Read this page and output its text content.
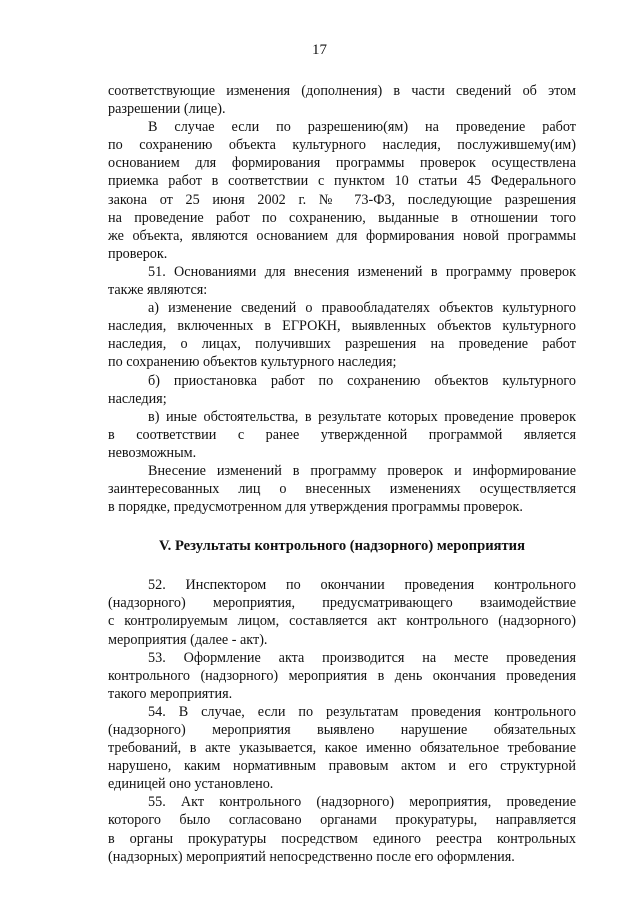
17
соответствующие изменения (дополнения) в части сведений об этом
разрешении (лице).
В случае если по разрешению(ям) на проведение работ
по сохранению объекта культурного наследия, послужившему(им)
основанием для формирования программы проверок осуществлена
приемка работ в соответствии с пунктом 10 статьи 45 Федерального
закона от 25 июня 2002 г. № 73-ФЗ, последующие разрешения
на проведение работ по сохранению, выданные в отношении того
же объекта, являются основанием для формирования новой программы
проверок.
51. Основаниями для внесения изменений в программу проверок
также являются:
а) изменение сведений о правообладателях объектов культурного
наследия, включенных в ЕГРОКН, выявленных объектов культурного
наследия, о лицах, получивших разрешения на проведение работ
по сохранению объектов культурного наследия;
б) приостановка работ по сохранению объектов культурного
наследия;
в) иные обстоятельства, в результате которых проведение проверок
в соответствии с ранее утвержденной программой является
невозможным.
Внесение изменений в программу проверок и информирование
заинтересованных лиц о внесенных изменениях осуществляется
в порядке, предусмотренном для утверждения программы проверок.
V. Результаты контрольного (надзорного) мероприятия
52. Инспектором по окончании проведения контрольного
(надзорного) мероприятия, предусматривающего взаимодействие
с контролируемым лицом, составляется акт контрольного (надзорного)
мероприятия (далее - акт).
53. Оформление акта производится на месте проведения
контрольного (надзорного) мероприятия в день окончания проведения
такого мероприятия.
54. В случае, если по результатам проведения контрольного
(надзорного) мероприятия выявлено нарушение обязательных
требований, в акте указывается, какое именно обязательное требование
нарушено, каким нормативным правовым актом и его структурной
единицей оно установлено.
55. Акт контрольного (надзорного) мероприятия, проведение
которого было согласовано органами прокуратуры, направляется
в органы прокуратуры посредством единого реестра контрольных
(надзорных) мероприятий непосредственно после его оформления.
